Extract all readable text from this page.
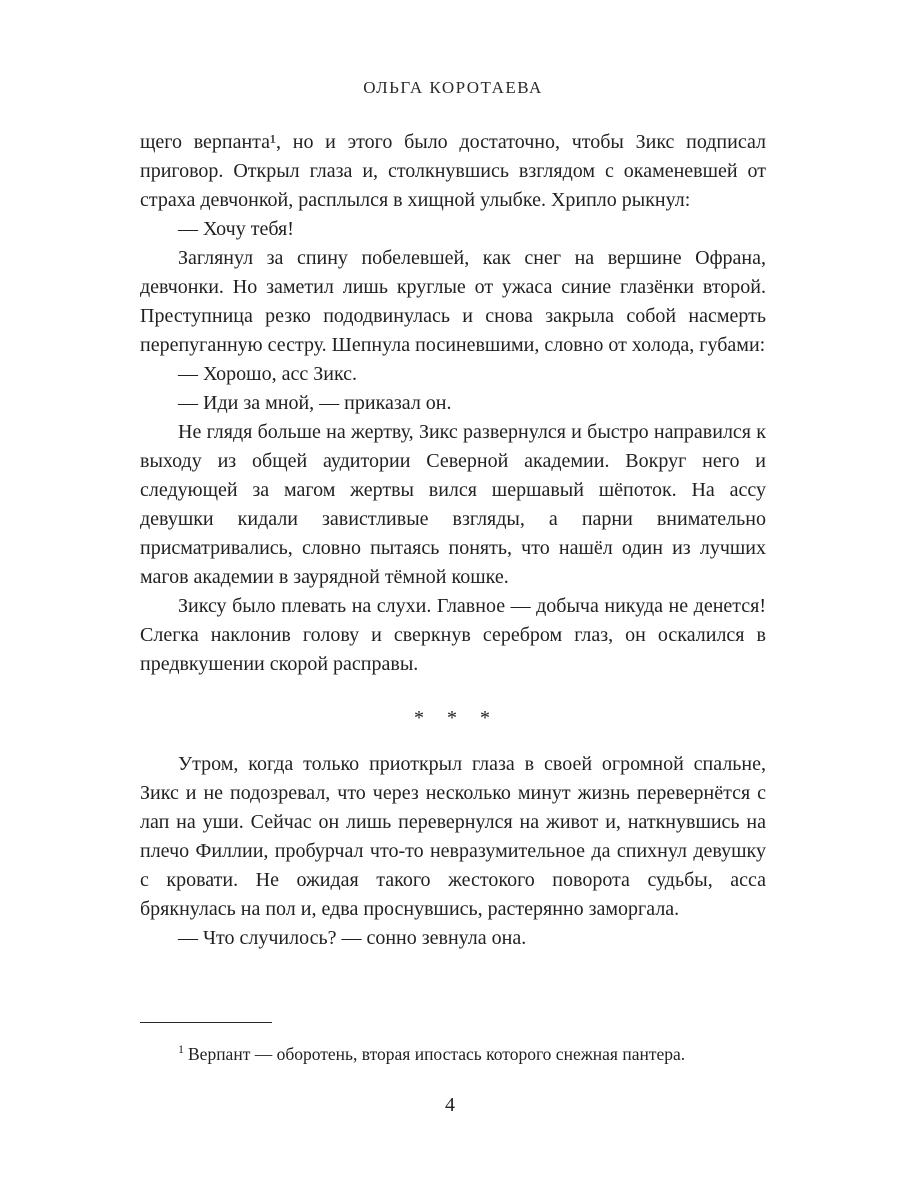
ОЛЬГА КОРОТАЕВА

щего верпанта¹, но и этого было достаточно, чтобы Зикс подписал приговор. Открыл глаза и, столкнувшись взглядом с окаменевшей от страха девчонкой, расплылся в хищной улыбке. Хрипло рыкнул:

— Хочу тебя!

Заглянул за спину побелевшей, как снег на вершине Офрана, девчонки. Но заметил лишь круглые от ужаса синие глазёнки второй. Преступница резко пододвинулась и снова закрыла собой насмерть перепуганную сестру. Шепнула посиневшими, словно от холода, губами:

— Хорошо, асс Зикс.

— Иди за мной, — приказал он.

Не глядя больше на жертву, Зикс развернулся и быстро направился к выходу из общей аудитории Северной академии. Вокруг него и следующей за магом жертвы вился шершавый шёпоток. На ассу девушки кидали завистливые взгляды, а парни внимательно присматривались, словно пытаясь понять, что нашёл один из лучших магов академии в заурядной тёмной кошке.

Зиксу было плевать на слухи. Главное — добыча никуда не денется! Слегка наклонив голову и сверкнув серебром глаз, он оскалился в предвкушении скорой расправы.

* * *

Утром, когда только приоткрыл глаза в своей огромной спальне, Зикс и не подозревал, что через несколько минут жизнь перевернётся с лап на уши. Сейчас он лишь перевернулся на живот и, наткнувшись на плечо Филлии, пробурчал что-то невразумительное да спихнул девушку с кровати. Не ожидая такого жестокого поворота судьбы, асса брякнулась на пол и, едва проснувшись, растерянно заморгала.

— Что случилось? — сонно зевнула она.

$^1$ Верпант — оборотень, вторая ипостась которого снежная пантера.

4
